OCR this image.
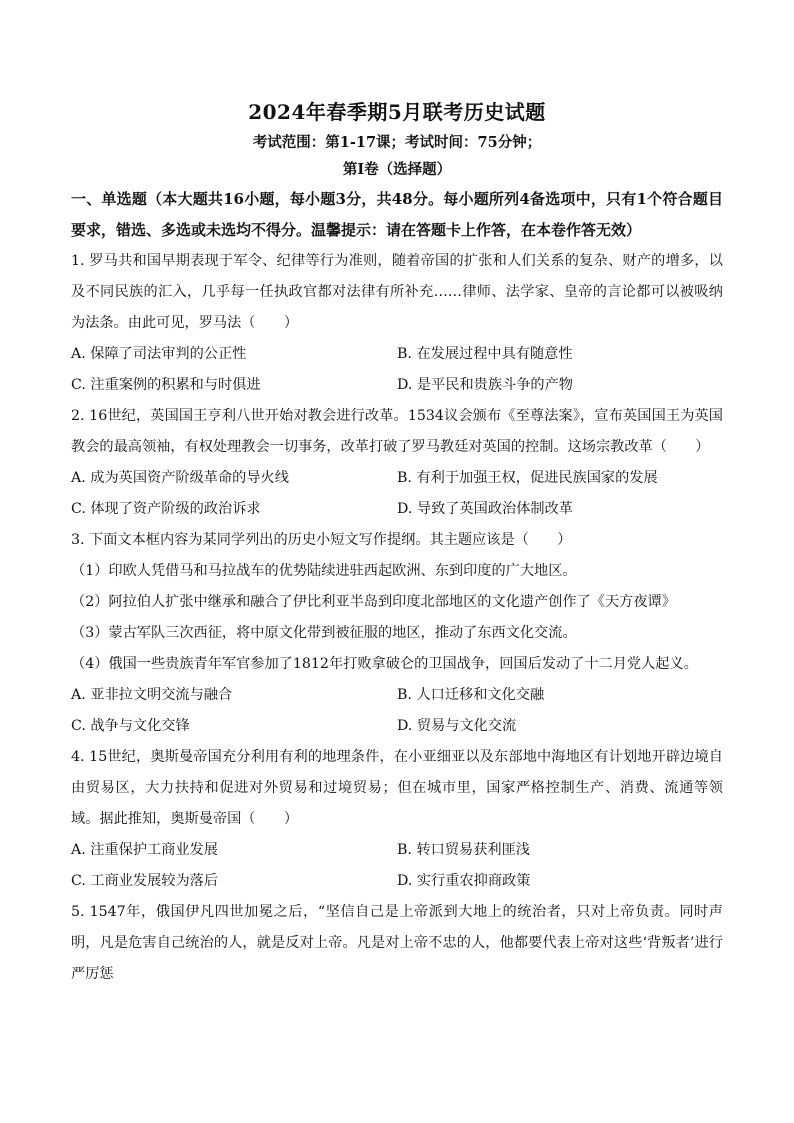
2024年春季期5月联考历史试题
考试范围：第1-17课；考试时间：75分钟；
第Ⅰ卷（选择题）
一、单选题（本大题共16小题，每小题3分，共48分。每小题所列4备选项中，只有1个符合题目要求，错选、多选或未选均不得分。温馨提示：请在答题卡上作答，在本卷作答无效）
1. 罗马共和国早期表现于军令、纪律等行为准则，随着帝国的扩张和人们关系的复杂、财产的增多，以及不同民族的汇入，几乎每一任执政官都对法律有所补充……律师、法学家、皇帝的言论都可以被吸纳为法条。由此可见，罗马法（　　）
A. 保障了司法审判的公正性	B. 在发展过程中具有随意性
C. 注重案例的积累和与时俱进	D. 是平民和贵族斗争的产物
2. 16世纪，英国国王亨利八世开始对教会进行改革。1534议会颁布《至尊法案》，宣布英国国王为英国教会的最高领袖，有权处理教会一切事务，改革打破了罗马教廷对英国的控制。这场宗教改革（　　）
A. 成为英国资产阶级革命的导火线	B. 有利于加强王权，促进民族国家的发展
C. 体现了资产阶级的政治诉求	D. 导致了英国政治体制改革
3. 下面文本框内容为某同学列出的历史小短文写作提纲。其主题应该是（　　）
（1）印欧人凭借马和马拉战车的优势陆续进驻西起欧洲、东到印度的广大地区。
（2）阿拉伯人扩张中继承和融合了伊比利亚半岛到印度北部地区的文化遗产创作了《天方夜谭》
（3）蒙古军队三次西征，将中原文化带到被征服的地区，推动了东西文化交流。
（4）俄国一些贵族青年军官参加了1812年打败拿破仑的卫国战争，回国后发动了十二月党人起义。
A. 亚非拉文明交流与融合	B. 人口迁移和文化交融
C. 战争与文化交锋	D. 贸易与文化交流
4. 15世纪，奥斯曼帝国充分利用有利的地理条件，在小亚细亚以及东部地中海地区有计划地开辟边境自由贸易区，大力扶持和促进对外贸易和过境贸易；但在城市里，国家严格控制生产、消费、流通等领域。据此推知，奥斯曼帝国（　　）
A. 注重保护工商业发展	B. 转口贸易获利匪浅
C. 工商业发展较为落后	D. 实行重农抑商政策
5. 1547年，俄国伊凡四世加冕之后，“坚信自己是上帝派到大地上的统治者，只对上帝负责。同时声明，凡是危害自己统治的人，就是反对上帝。凡是对上帝不忠的人，他都要代表上帝对这些‘背叛者’进行严厉惩
